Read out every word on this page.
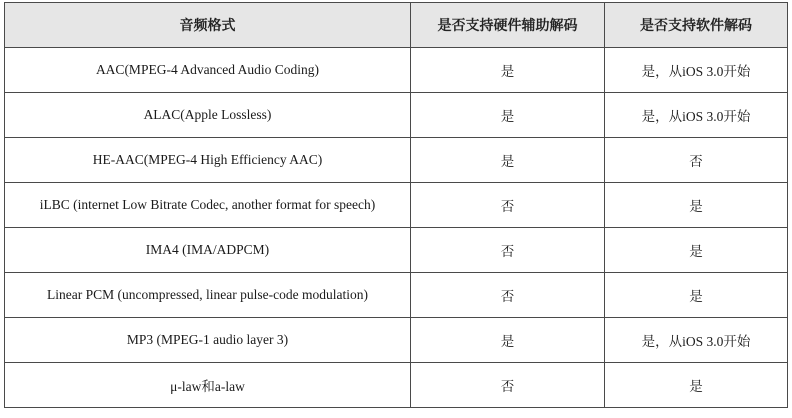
音频格式	是否支持硬件辅助解码	是否支持软件解码
AAC(MPEG-4 Advanced Audio Coding)	是	是，从iOS 3.0开始
ALAC(Apple Lossless)	是	是，从iOS 3.0开始
HE-AAC(MPEG-4 High Efficiency AAC)	是	否
iLBC (internet Low Bitrate Codec, another format for speech)	否	是
IMA4 (IMA/ADPCM)	否	是
Linear PCM (uncompressed, linear pulse-code modulation)	否	是
MP3 (MPEG-1 audio layer 3)	是	是，从iOS 3.0开始
μ-law和a-law	否	是
